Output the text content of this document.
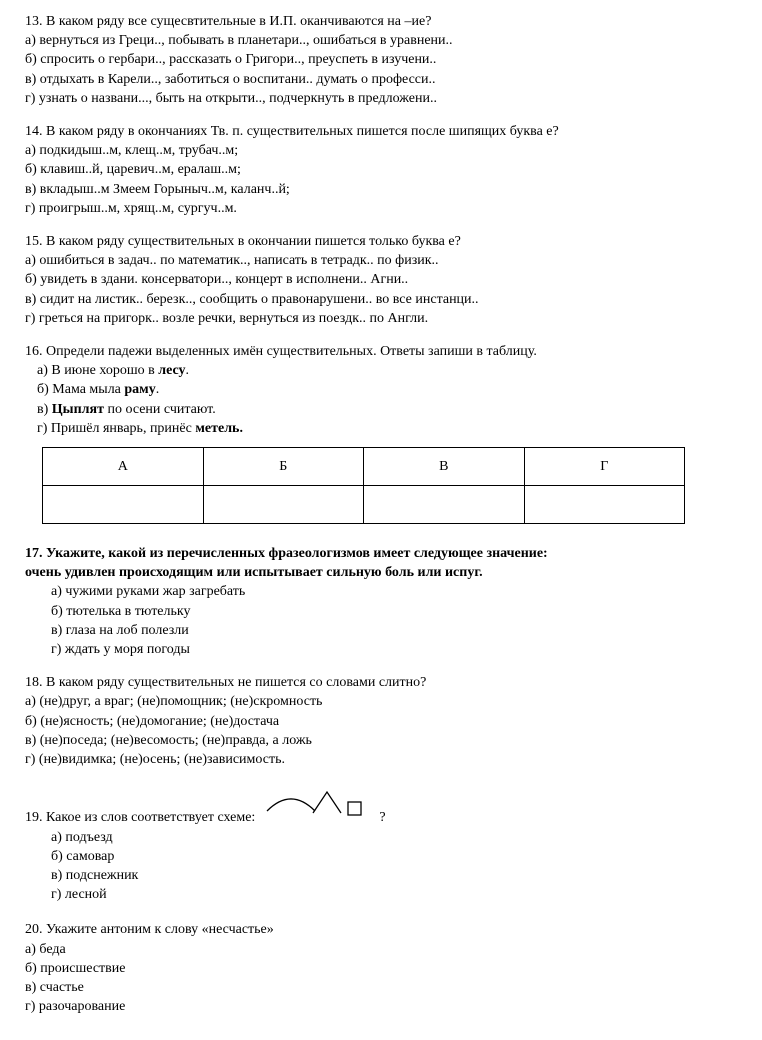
13. В каком ряду все сущесвтительные в И.П. оканчиваются на –ие?

а) вернуться из Греци.., побывать в планетари.., ошибаться в уравнени..

б) спросить о гербари.., рассказать о Григори.., преуспеть в изучени..

в) отдыхать в Карели.., заботиться о воспитани.. думать о професси..

г) узнать о названи..., быть на открыти.., подчеркнуть в предложени..

14. В каком ряду в окончаниях Тв. п. существительных пишется после шипящих буква е?

а) подкидыш..м, клещ..м, трубач..м;

б) клавиш..й, царевич..м, ералаш..м;

в) вкладыш..м Змеем Горыныч..м, каланч..й;

г) проигрыш..м, хрящ..м, сургуч..м.

15. В каком ряду существительных в окончании пишется только буква е?

а) ошибиться в задач.. по математик.., написать в тетрадк.. по физик..

б) увидеть в здани. консерватори.., концерт в исполнени.. Агни..

в) сидит на листик.. березк.., сообщить о правонарушени.. во все инстанци..

г) греться на пригорк.. возле речки, вернуться из поездк.. по Англи.

16. Определи падежи выделенных имён существительных. Ответы запиши в таблицу.

а) В июне хорошо в лесу.

б) Мама мыла раму.

в) Цыплят по осени считают.

г) Пришёл январь, принёс метель.

А	Б	В	Г

17. Укажите, какой из перечисленных фразеологизмов имеет следующее значение:

очень удивлен происходящим или испытывает сильную боль или испуг.

а) чужими руками жар загребать

б) тютелька в тютельку

в) глаза на лоб полезли

г) ждать у моря погоды

18. В каком ряду существительных не пишется со словами слитно?

а) (не)друг, а враг; (не)помощник; (не)скромность

б) (не)ясность; (не)домогание; (не)достача

в) (не)поседа; (не)весомость; (не)правда, а ложь

г) (не)видимка; (не)осень; (не)зависимость.

19. Какое из слов соответствует схеме:	?

а) подъезд

б) самовар

в) подснежник

г) лесной

20. Укажите антоним к слову «несчастье»

а) беда

б) происшествие

в) счастье

г) разочарование
